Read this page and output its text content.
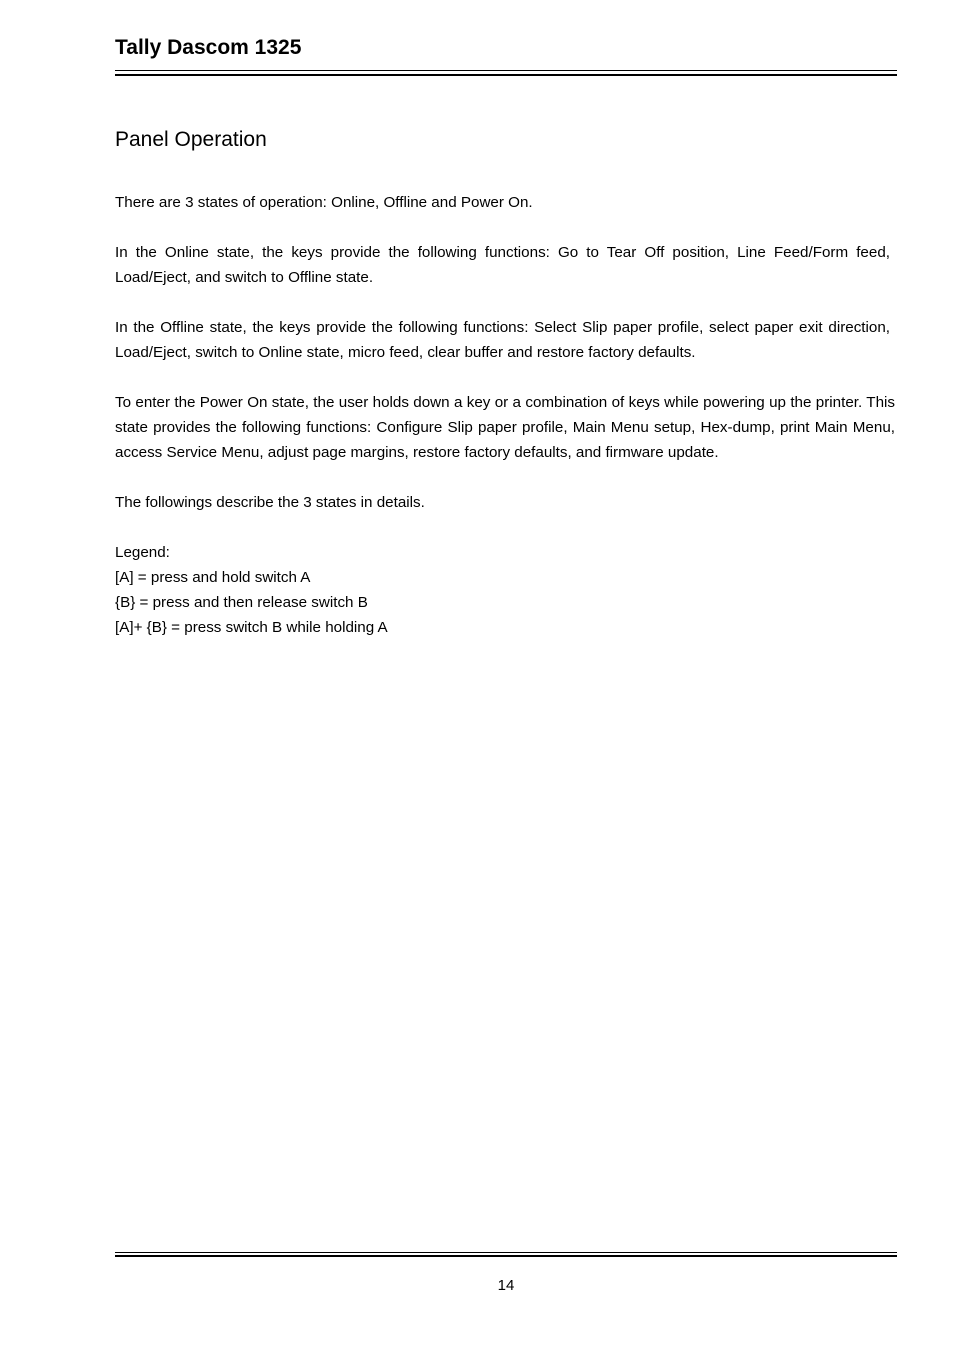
Tally Dascom 1325
Panel Operation
There are 3 states of operation: Online, Offline and Power On.
In the Online state, the keys provide the following functions: Go to Tear Off position, Line Feed/Form feed, Load/Eject, and switch to Offline state.
In the Offline state, the keys provide the following functions: Select Slip paper profile, select paper exit direction, Load/Eject, switch to Online state, micro feed, clear buffer and restore factory defaults.
To enter the Power On state, the user holds down a key or a combination of keys while powering up the printer. This state provides the following functions: Configure Slip paper profile, Main Menu setup, Hex-dump, print Main Menu, access Service Menu, adjust page margins, restore factory defaults, and firmware update.
The followings describe the 3 states in details.
Legend:
[A] = press and hold switch A
{B} = press and then release switch B
[A]+ {B} = press switch B while holding A
14
